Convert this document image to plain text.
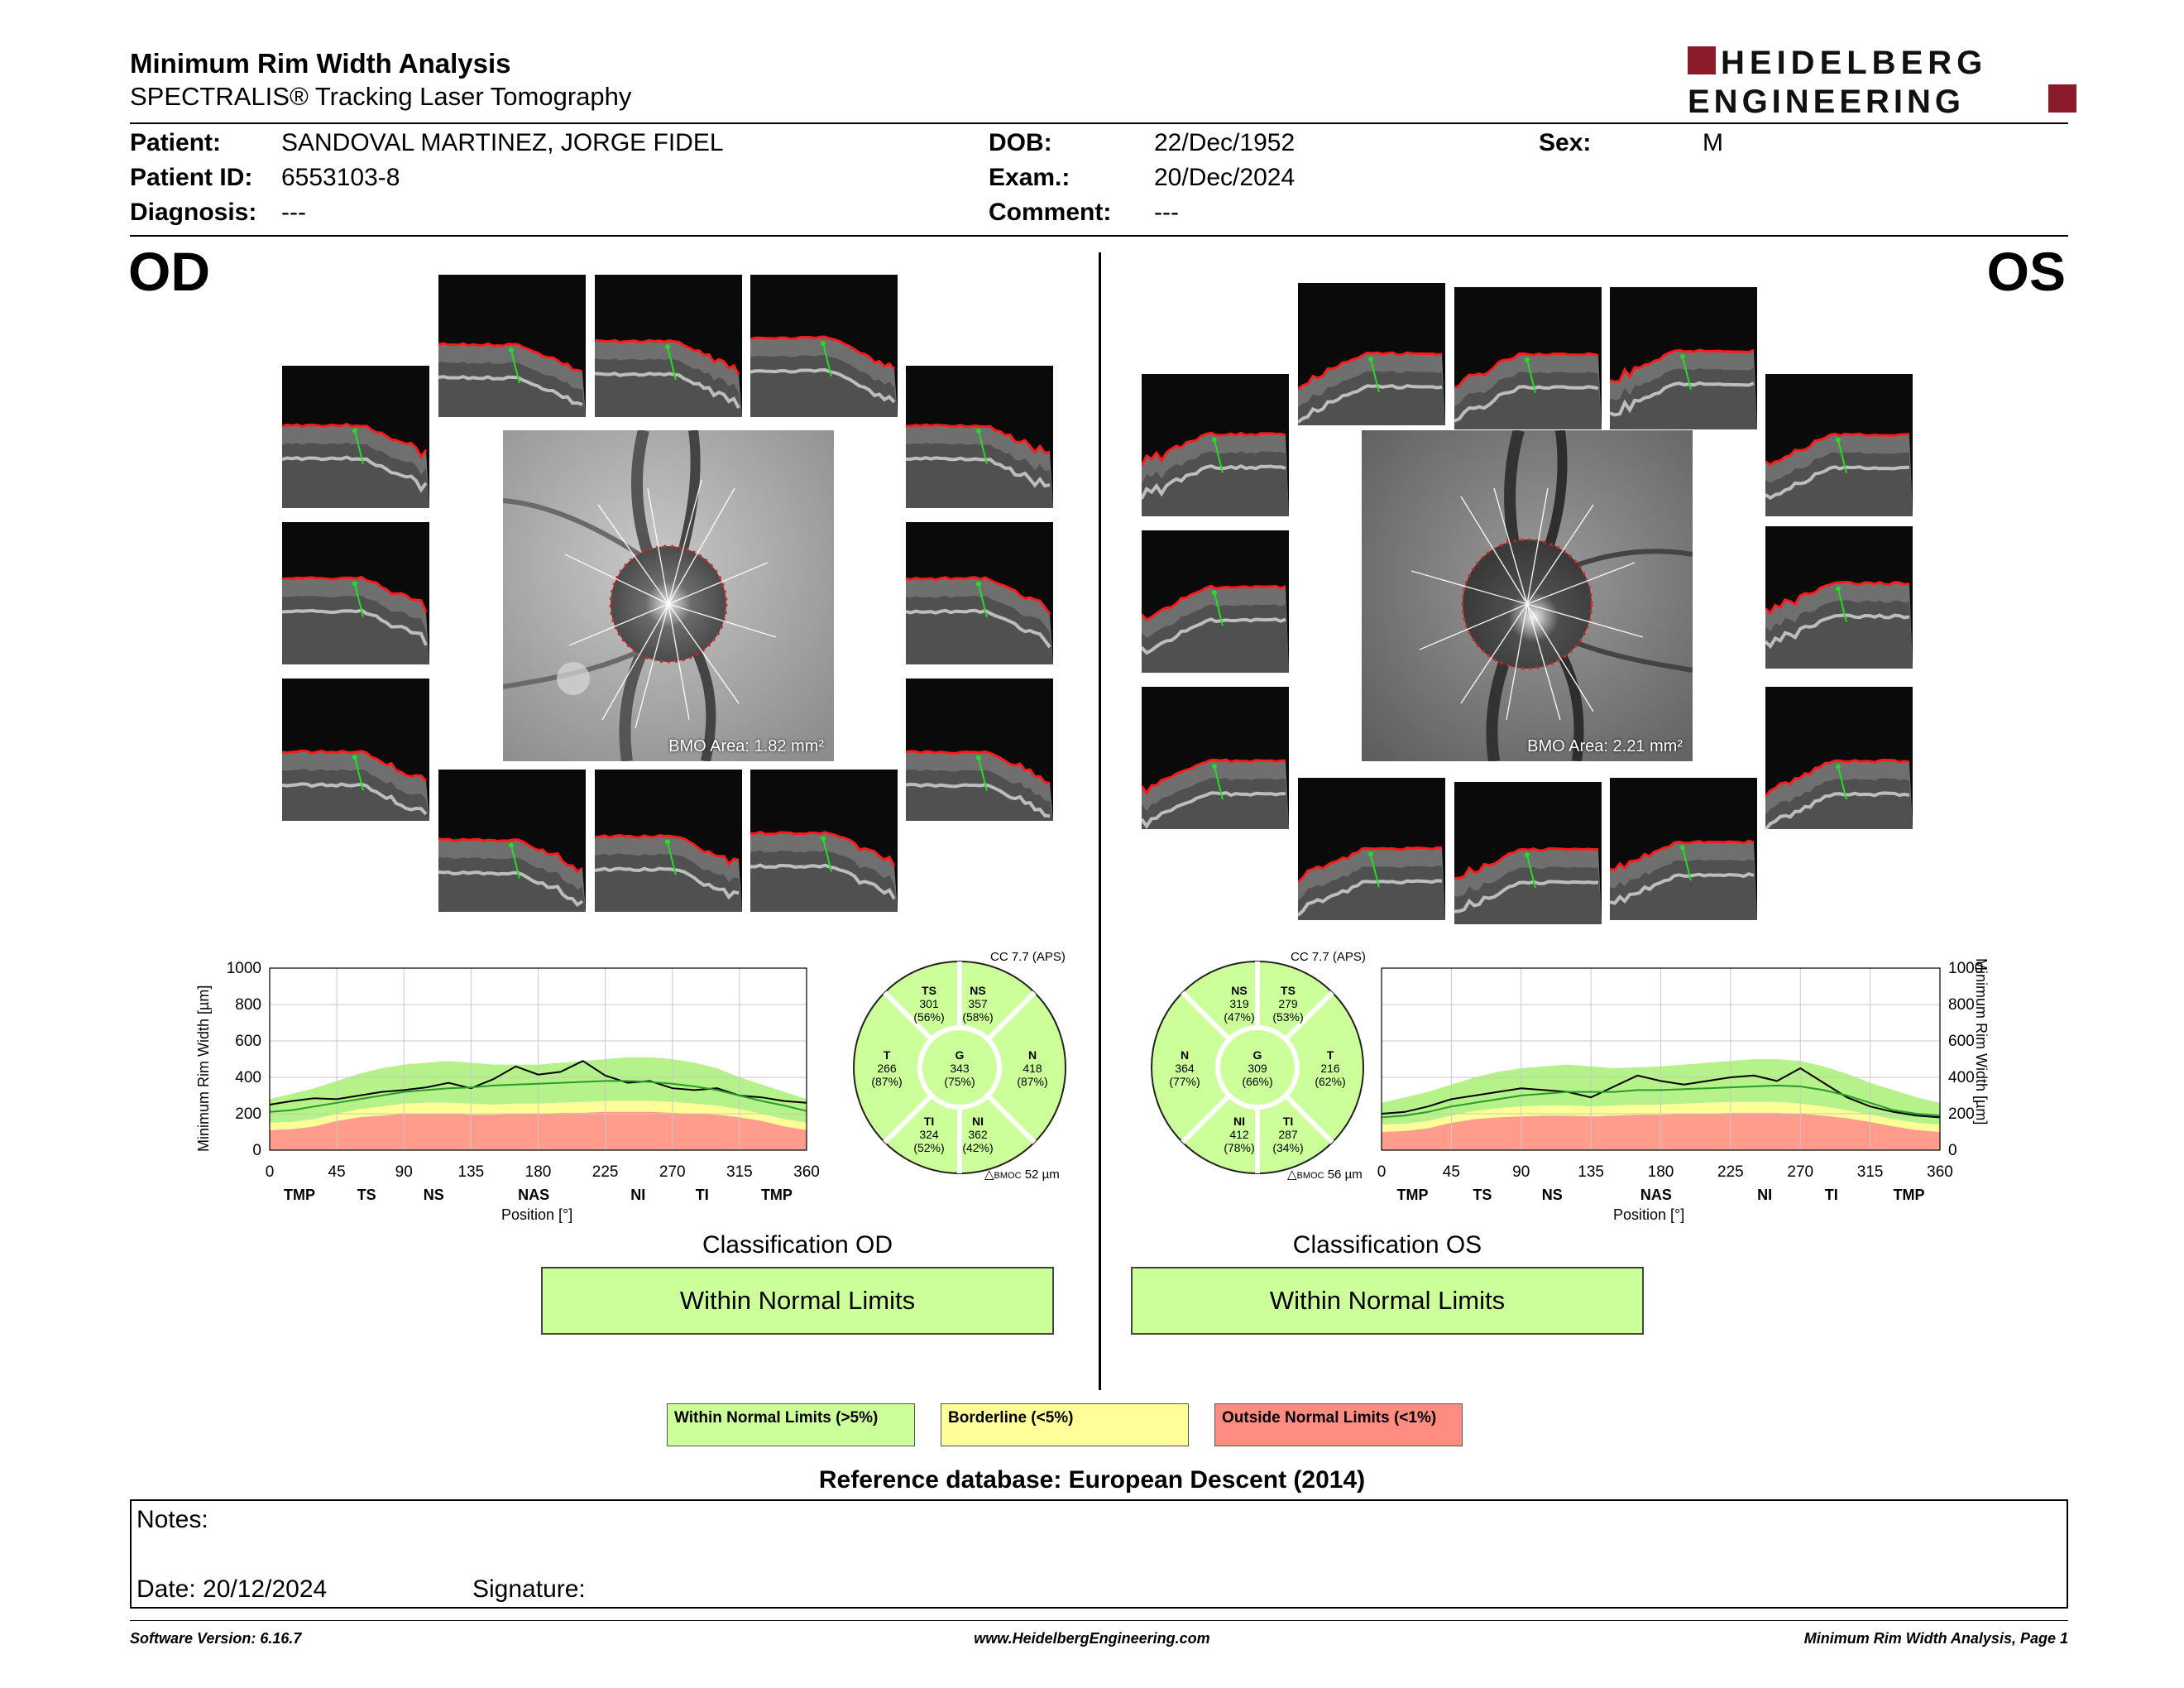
Minimum Rim Width Analysis
SPECTRALIS® Tracking Laser Tomography
HEIDELBERG
ENGINEERING
Patient: SANDOVAL MARTINEZ, JORGE FIDEL
Patient ID: 6553103-8
Diagnosis: ---
DOB:	22/Dec/1952
Exam.:	20/Dec/2024
Comment: ---
Sex:	M
OD	OS
BMO Area: 1.82 mm²	BMO Area: 2.21 mm²
0	45	90	135	180	225	270	315	360
0
200
400
600
800
1000
TMP	TS	NS	NAS	NI	TI	TMP
Minimum Rim Width [µm]
Position [°]
TS
301
(56%)
NS
357
(58%)
N
418
(87%)
NI
362
(42%)
TI
324
(52%)
T
266
(87%)
G
343
(75%)
CC 7.7 (APS)
△BMOC 52 µm	0	45	90	135	180	225	270	315	360
0
200
400
600
800
1000
TMP	TS	NS	NAS	NI	TI	TMP
Minimum Rim Width [µm]
Position [°]
NS
319
(47%)
TS
279
(53%)
T
216
(62%)
TI
287
(34%)
NI
412
(78%)
N
364
(77%)
G
309
(66%)
CC 7.7 (APS)
△BMOC 56 µm
Classification OD
Within Normal Limits
Classification OS
Within Normal Limits
Within Normal Limits (>5%)	Borderline (<5%)	Outside Normal Limits (<1%)
Reference database: European Descent (2014)
Notes:
Date: 20/12/2024	Signature:
Software Version: 6.16.7	www.HeidelbergEngineering.com	Minimum Rim Width Analysis, Page 1
